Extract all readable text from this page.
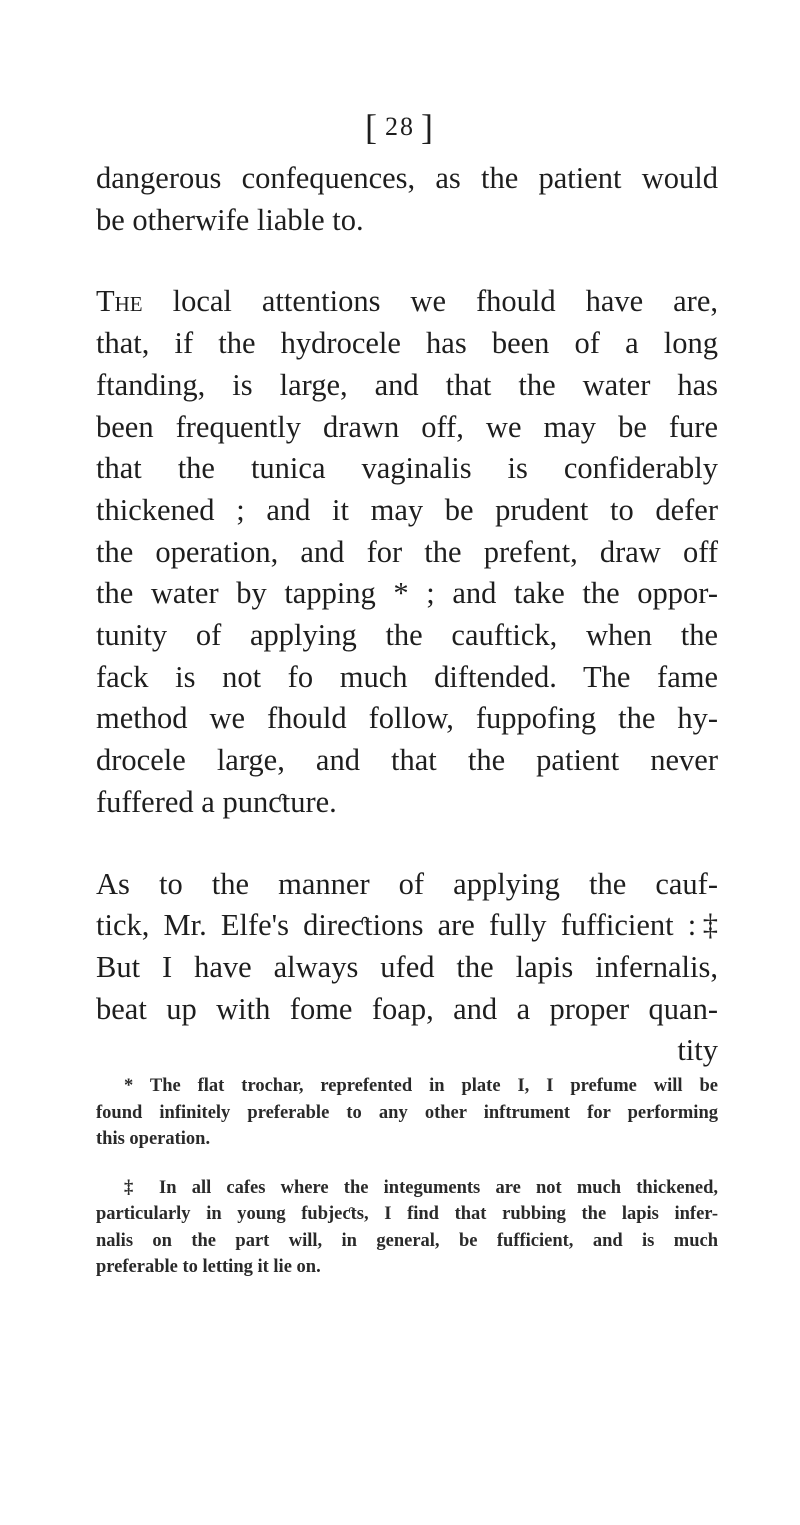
[ 28 ]
dangerous confequences, as the patient would
be otherwife liable to.
The local attentions we fhould have are,
that, if the hydrocele has been of a long
ftanding, is large, and that the water has
been frequently drawn off, we may be fure
that the tunica vaginalis is confiderably
thickened ; and it may be prudent to defer
the operation, and for the prefent, draw off
the water by tapping * ; and take the oppor-
tunity of applying the cauftick, when the
fack is not fo much diftended. The fame
method we fhould follow, fuppofing the hy-
drocele large, and that the patient never
fuffered a punƈture.
As to the manner of applying the cauf-
tick, Mr. Elfe's direƈtions are fully fufficient :‡
But I have always ufed the lapis infernalis,
beat up with fome foap, and a proper quan-
tity
* The flat trochar, reprefented in plate I, I prefume will be
found infinitely preferable to any other inftrument for performing
this operation.
‡ In all cafes where the integuments are not much thickened,
particularly in young fubjeƈts, I find that rubbing the lapis infer-
nalis on the part will, in general, be fufficient, and is much
preferable to letting it lie on.
